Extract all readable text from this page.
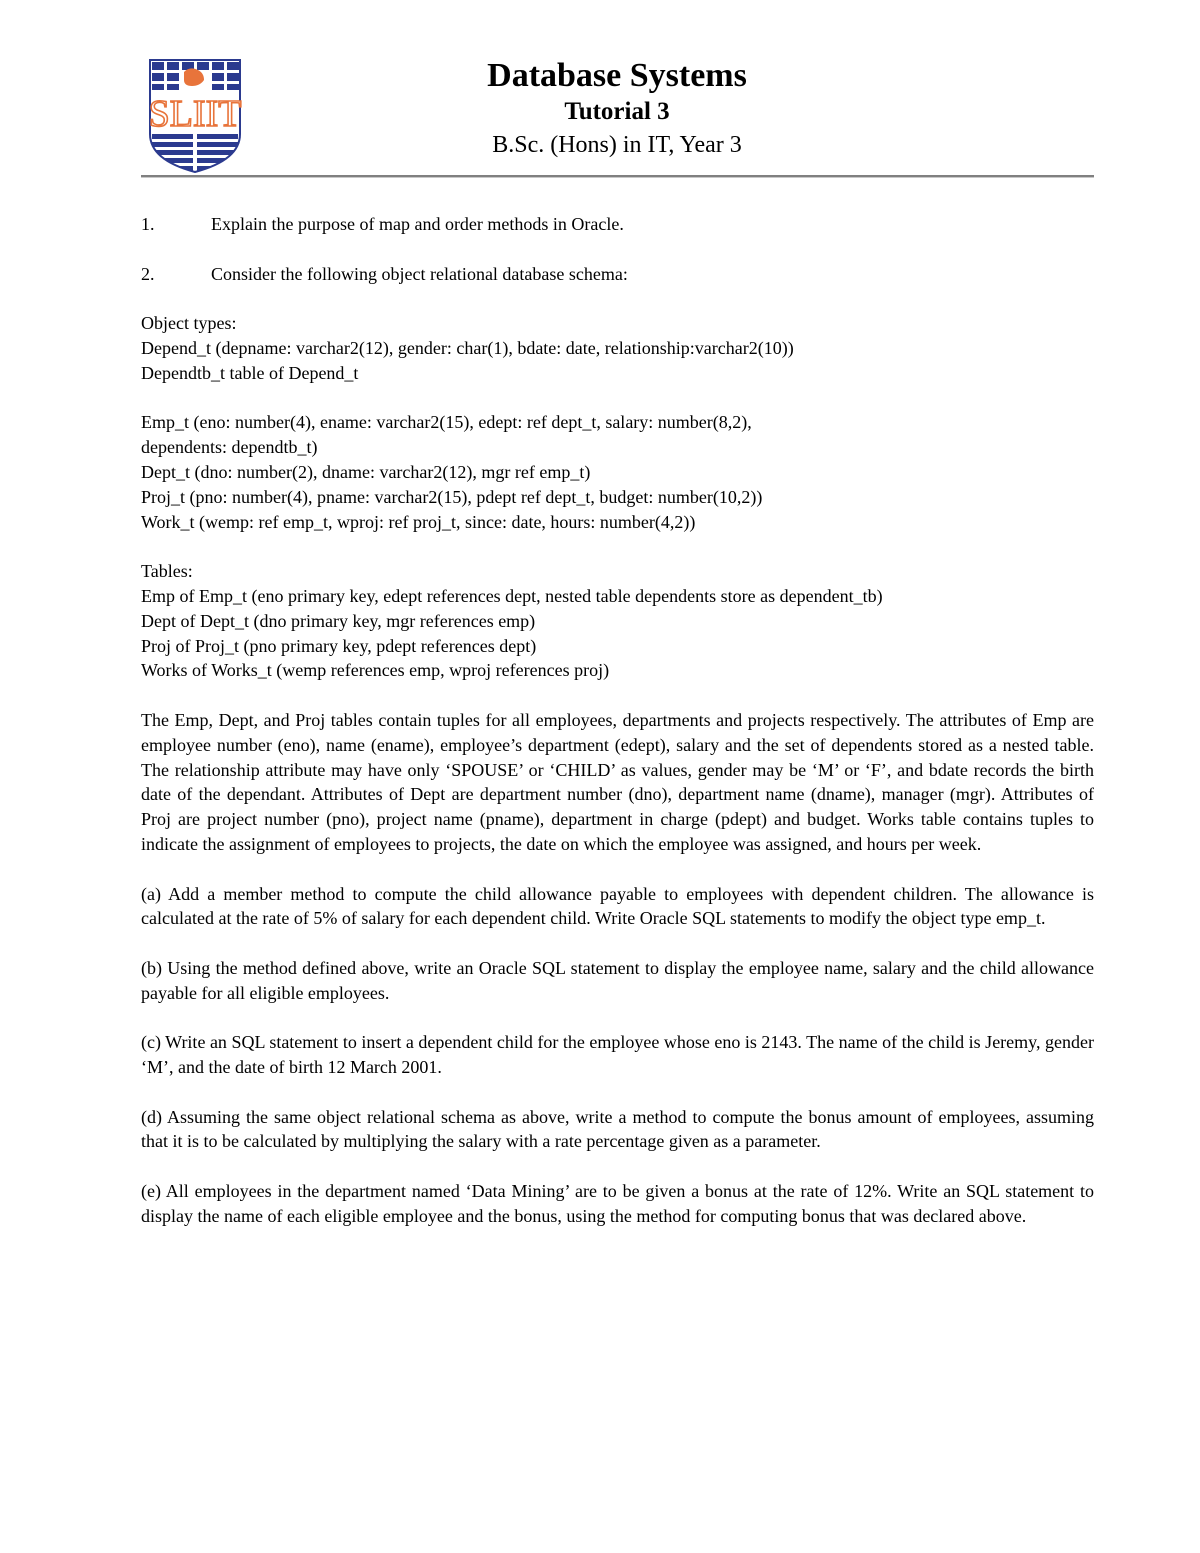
SLIIT
Database Systems
Tutorial 3
B.Sc. (Hons) in IT, Year 3
1.	Explain the purpose of map and order methods in Oracle.
2.	Consider the following object relational database schema:
Object types:
Depend_t (depname: varchar2(12), gender: char(1), bdate: date, relationship:varchar2(10))
Dependtb_t table of Depend_t
Emp_t (eno: number(4), ename: varchar2(15), edept: ref dept_t, salary: number(8,2),
dependents: dependtb_t)
Dept_t (dno: number(2), dname: varchar2(12), mgr ref emp_t)
Proj_t (pno: number(4), pname: varchar2(15), pdept ref dept_t, budget: number(10,2))
Work_t (wemp: ref emp_t, wproj: ref proj_t, since: date, hours: number(4,2))
Tables:
Emp of Emp_t (eno primary key, edept references dept, nested table dependents store as dependent_tb)
Dept of Dept_t (dno primary key, mgr references emp)
Proj of Proj_t (pno primary key, pdept references dept)
Works of Works_t (wemp references emp, wproj references proj)

The Emp, Dept, and Proj tables contain tuples for all employees, departments and projects respectively. The attributes of Emp are employee number (eno), name (ename), employee’s department (edept), salary and the set of dependents stored as a nested table. The relationship attribute may have only ‘SPOUSE’ or ‘CHILD’ as values, gender may be ‘M’ or ‘F’, and bdate records the birth date of the dependant. Attributes of Dept are department number (dno), department name (dname), manager (mgr). Attributes of Proj are project number (pno), project name (pname), department in charge (pdept) and budget. Works table contains tuples to indicate the assignment of employees to projects, the date on which the employee was assigned, and hours per week.

(a) Add a member method to compute the child allowance payable to employees with dependent children. The allowance is calculated at the rate of 5% of salary for each dependent child. Write Oracle SQL statements to modify the object type emp_t.

(b) Using the method defined above, write an Oracle SQL statement to display the employee name, salary and the child allowance payable for all eligible employees.

(c) Write an SQL statement to insert a dependent child for the employee whose eno is 2143. The name of the child is Jeremy, gender ‘M’, and the date of birth 12 March 2001.

(d) Assuming the same object relational schema as above, write a method to compute the bonus amount of employees, assuming that it is to be calculated by multiplying the salary with a rate percentage given as a parameter.

(e) All employees in the department named ‘Data Mining’ are to be given a bonus at the rate of 12%. Write an SQL statement to display the name of each eligible employee and the bonus, using the method for computing bonus that was declared above.
